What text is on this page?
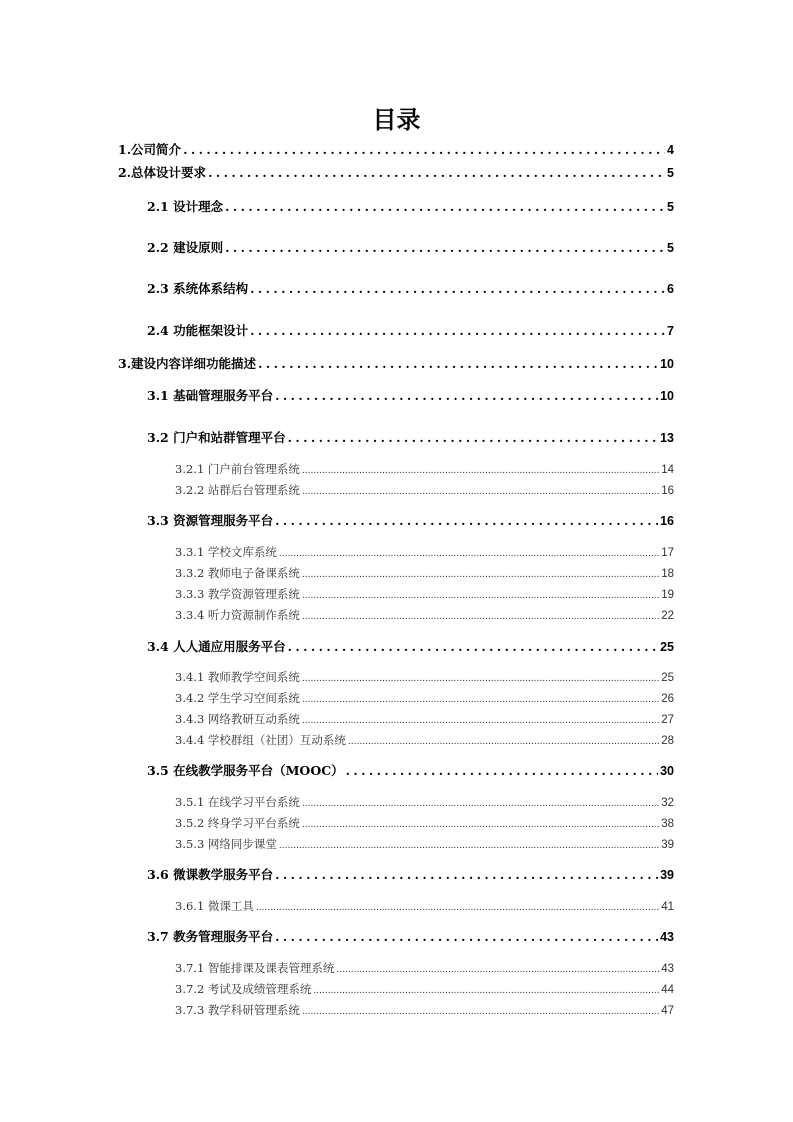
目录
1.公司简介 .....	4
2.总体设计要求 .....	5
2.1 设计理念 .....	5
2.2 建设原则 .....	5
2.3 系统体系结构 .....	6
2.4 功能框架设计 .....	7
3.建设内容详细功能描述 .....	10
3.1 基础管理服务平台 .....	10
3.2 门户和站群管理平台 .....	13
3.2.1 门户前台管理系统 .....	14
3.2.2 站群后台管理系统 .....	16
3.3 资源管理服务平台 .....	16
3.3.1 学校文库系统 .....	17
3.3.2 教师电子备课系统 .....	18
3.3.3 教学资源管理系统 .....	19
3.3.4 听力资源制作系统 .....	22
3.4 人人通应用服务平台 .....	25
3.4.1 教师教学空间系统 .....	25
3.4.2 学生学习空间系统 .....	26
3.4.3 网络教研互动系统 .....	27
3.4.4 学校群组（社团）互动系统 .....	28
3.5 在线教学服务平台（MOOC） .....	30
3.5.1 在线学习平台系统 .....	32
3.5.2 终身学习平台系统 .....	38
3.5.3 网络同步课堂 .....	39
3.6 微课教学服务平台 .....	39
3.6.1 微课工具 .....	41
3.7 教务管理服务平台 .....	43
3.7.1 智能排课及课表管理系统 .....	43
3.7.2 考试及成绩管理系统 .....	44
3.7.3 教学科研管理系统 .....	47
